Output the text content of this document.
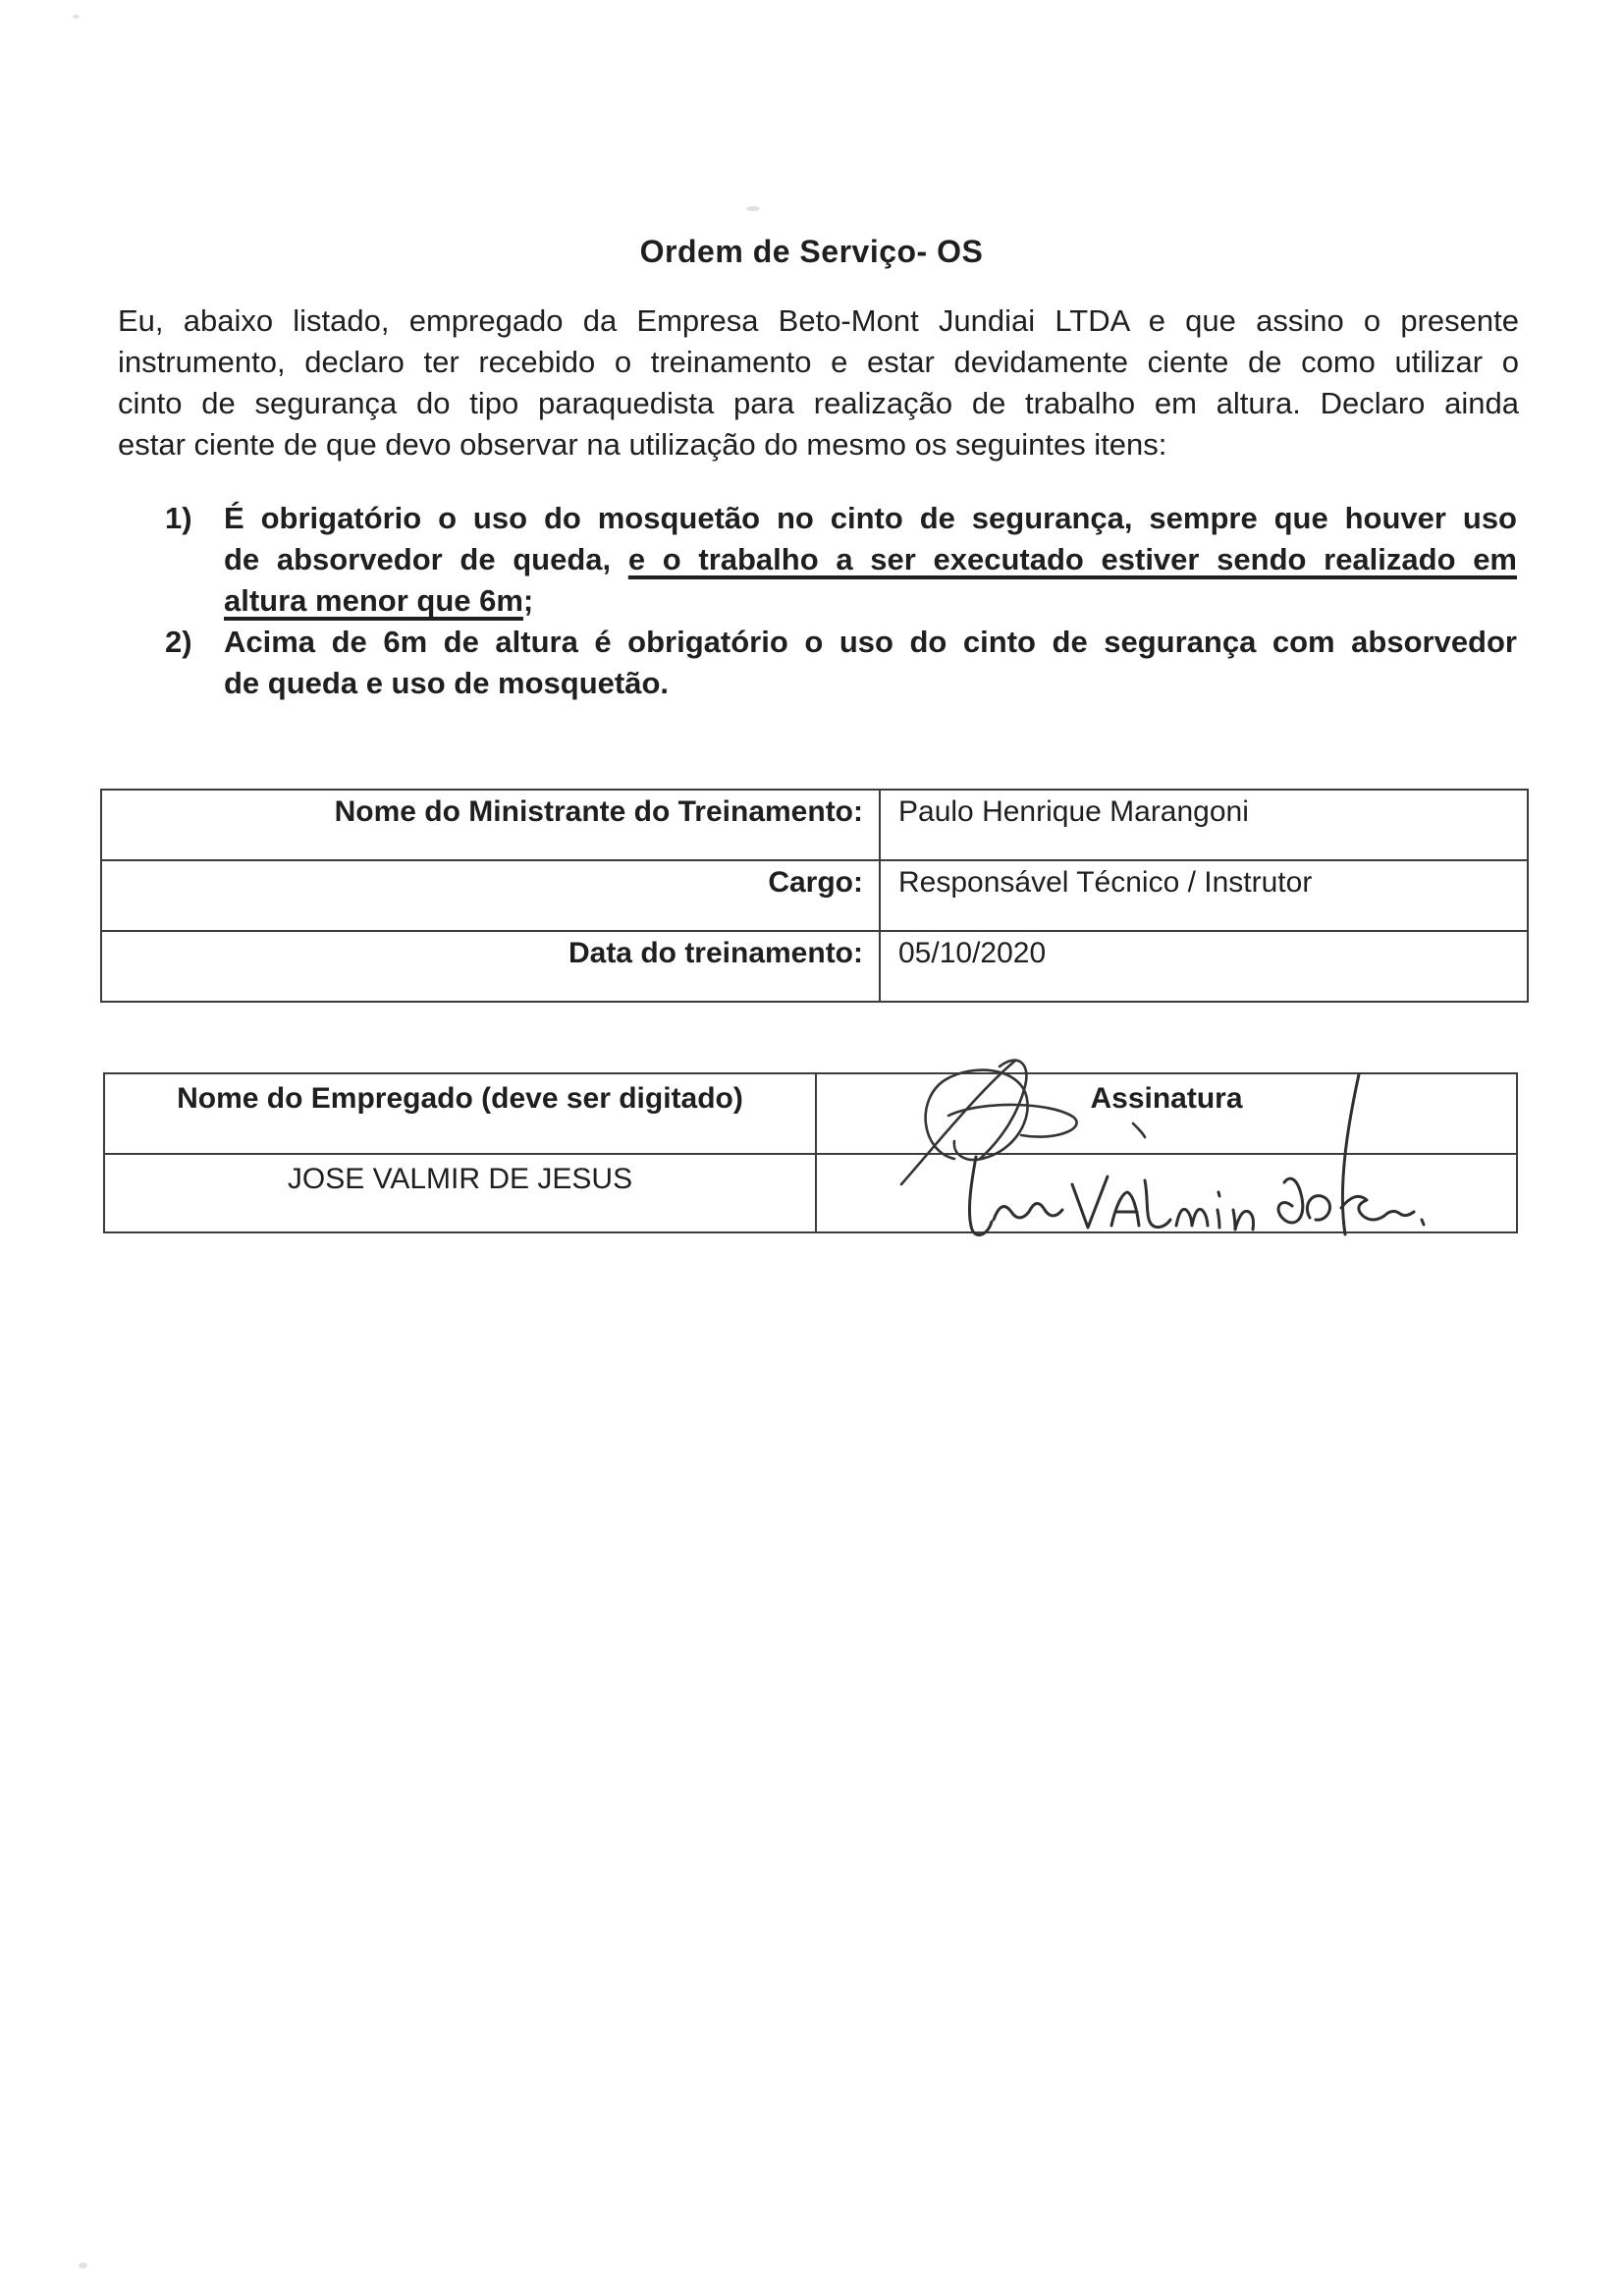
Ordem de Serviço- OS
Eu, abaixo listado, empregado da Empresa Beto-Mont Jundiai LTDA e que assino o presente
instrumento, declaro ter recebido o treinamento e estar devidamente ciente de como utilizar o
cinto de segurança do tipo paraquedista para realização de trabalho em altura. Declaro ainda
estar ciente de que devo observar na utilização do mesmo os seguintes itens:
1)	É obrigatório o uso do mosquetão no cinto de segurança, sempre que houver uso
de absorvedor de queda, e o trabalho a ser executado estiver sendo realizado em
altura menor que 6m;
2)	Acima de 6m de altura é obrigatório o uso do cinto de segurança com absorvedor
de queda e uso de mosquetão.
Nome do Ministrante do Treinamento:	Paulo Henrique Marangoni
Cargo:	Responsável Técnico / Instrutor
Data do treinamento:	05/10/2020
Nome do Empregado (deve ser digitado)	Assinatura
JOSE VALMIR DE JESUS
